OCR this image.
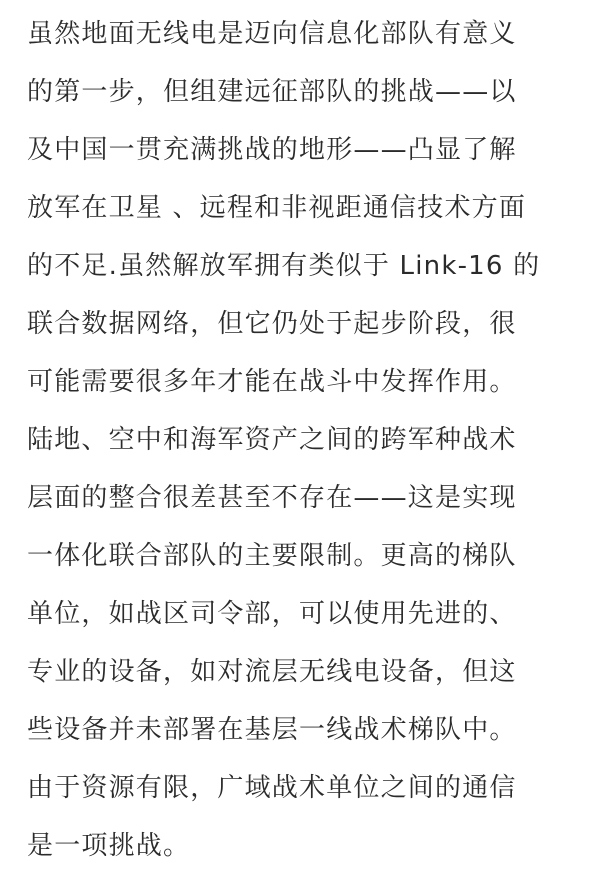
虽然地面无线电是迈向信息化部队有意义
的第一步，但组建远征部队的挑战——以
及中国一贯充满挑战的地形——凸显了解
放军在卫星 、远程和非视距通信技术方面
的不足.虽然解放军拥有类似于 Link-16 的
联合数据网络，但它仍处于起步阶段，很
可能需要很多年才能在战斗中发挥作用。
陆地、空中和海军资产之间的跨军种战术
层面的整合很差甚至不存在——这是实现
一体化联合部队的主要限制。更高的梯队
单位，如战区司令部，可以使用先进的、
专业的设备，如对流层无线电设备，但这
些设备并未部署在基层一线战术梯队中。
由于资源有限，广域战术单位之间的通信
是一项挑战。
